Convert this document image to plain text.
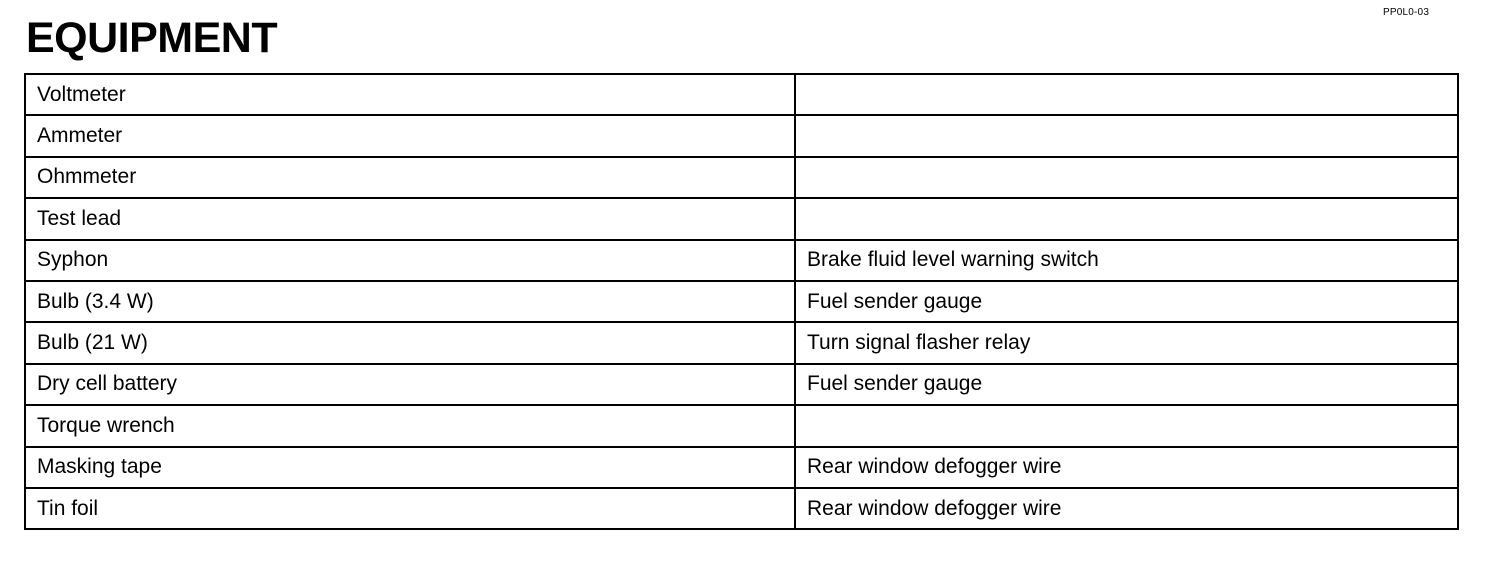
PP0L0-03
EQUIPMENT
Voltmeter	
Ammeter	
Ohmmeter	
Test lead	
Syphon	Brake fluid level warning switch
Bulb (3.4 W)	Fuel sender gauge
Bulb (21 W)	Turn signal flasher relay
Dry cell battery	Fuel sender gauge
Torque wrench	
Masking tape	Rear window defogger wire
Tin foil	Rear window defogger wire
